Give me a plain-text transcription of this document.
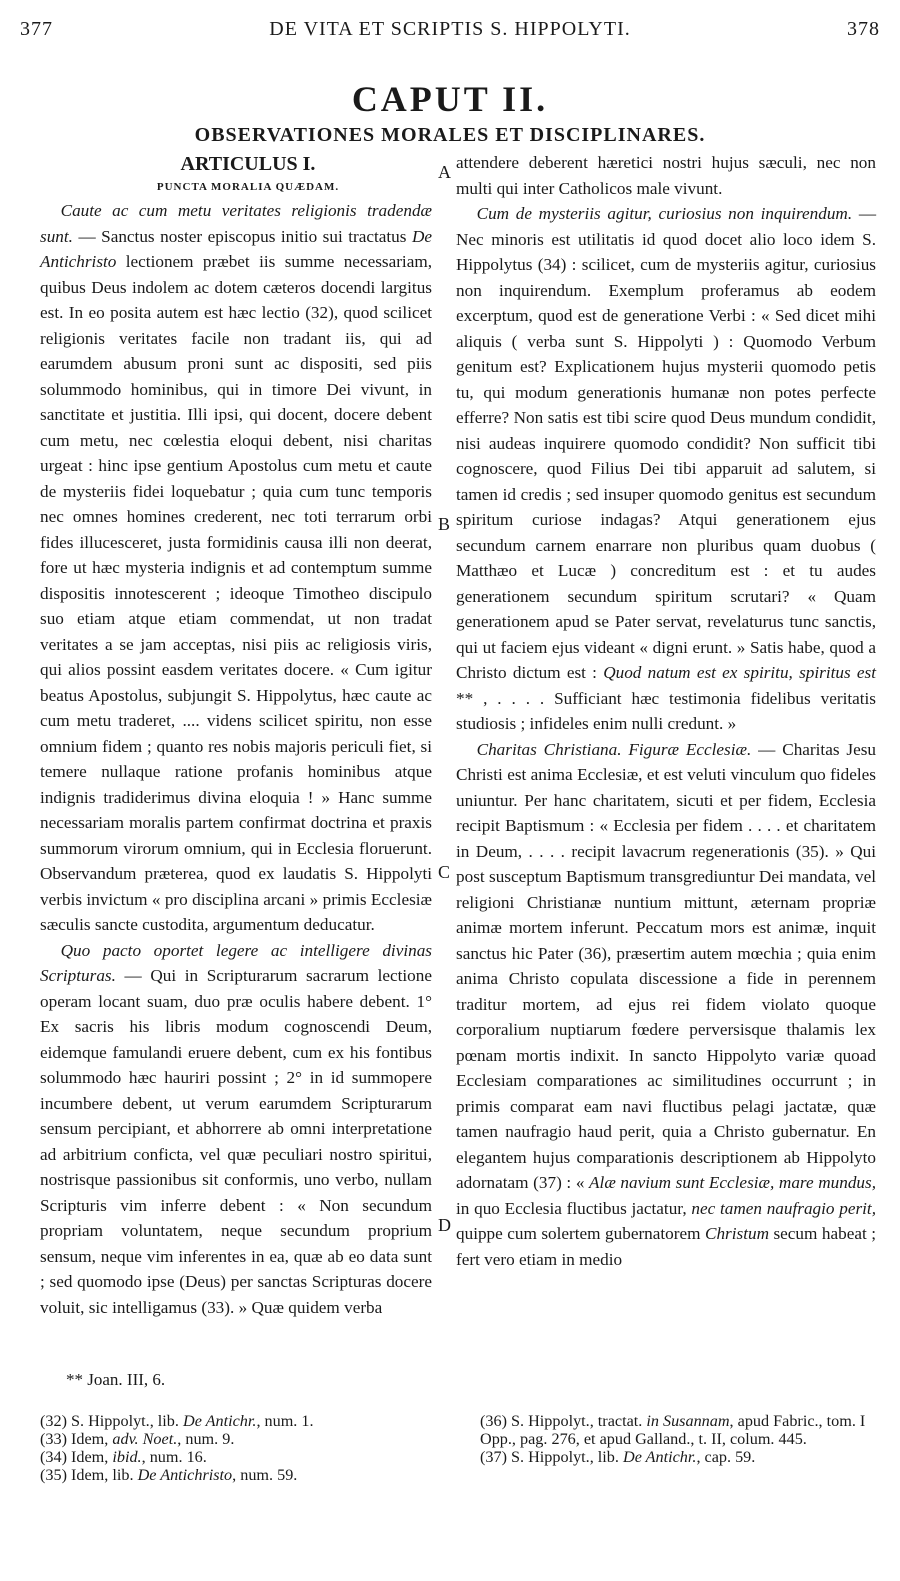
377	DE VITA ET SCRIPTIS S. HIPPOLYTI.	378
CAPUT II.
OBSERVATIONES MORALES ET DISCIPLINARES.
ARTICULUS I.
PUNCTA MORALIA QUÆDAM.

Caute ac cum metu veritates religionis tradendæ sunt. — Sanctus noster episcopus initio sui tractatus De Antichristo lectionem præbet iis summe necessariam, quibus Deus indolem ac dotem cæteros docendi largitus est. In eo posita autem est hæc lectio (32), quod scilicet religionis veritates facile non tradant iis, qui ad earumdem abusum proni sunt ac dispositi, sed piis solummodo hominibus, qui in timore Dei vivunt, in sanctitate et justitia. Illi ipsi, qui docent, docere debent cum metu, nec cœlestia eloqui debent, nisi charitas urgeat : hinc ipse gentium Apostolus cum metu et caute de mysteriis fidei loquebatur ; quia cum tunc temporis nec omnes homines crederent, nec toti terrarum orbi fides illucesceret, justa formidinis causa illi non deerat, fore ut hæc mysteria indignis et ad contemptum summe dispositis innotescerent ; ideoque Timotheo discipulo suo etiam atque etiam commendat, ut non tradat veritates a se jam acceptas, nisi piis ac religiosis viris, qui alios possint easdem veritates docere. « Cum igitur beatus Apostolus, subjungit S. Hippolytus, hæc caute ac cum metu traderet, .... videns scilicet spiritu, non esse omnium fidem ; quanto res nobis majoris periculi fiet, si temere nullaque ratione profanis hominibus atque indignis tradiderimus divina eloquia ! » Hanc summe necessariam moralis partem confirmat doctrina et praxis summorum virorum omnium, qui in Ecclesia floruerunt. Observandum præterea, quod ex laudatis S. Hippolyti verbis invictum « pro disciplina arcani » primis Ecclesiæ sæculis sancte custodita, argumentum deducatur.

Quo pacto oportet legere ac intelligere divinas Scripturas. — Qui in Scripturarum sacrarum lectione operam locant suam, duo præ oculis habere debent. 1° Ex sacris his libris modum cognoscendi Deum, eidemque famulandi eruere debent, cum ex his fontibus solummodo hæc hauriri possint ; 2° in id summopere incumbere debent, ut verum earumdem Scripturarum sensum percipiant, et abhorrere ab omni interpretatione ad arbitrium conficta, vel quæ peculiari nostro spiritui, nostrisque passionibus sit conformis, uno verbo, nullam Scripturis vim inferre debent : « Non secundum propriam voluntatem, neque secundum proprium sensum, neque vim inferentes in ea, quæ ab eo data sunt ; sed quomodo ipse (Deus) per sanctas Scripturas docere voluit, sic intelligamus (33). » Quæ quidem verba

A
B
C
D

attendere deberent hæretici nostri hujus sæculi, nec non multi qui inter Catholicos male vivunt.

Cum de mysteriis agitur, curiosius non inquirendum. — Nec minoris est utilitatis id quod docet alio loco idem S. Hippolytus (34) : scilicet, cum de mysteriis agitur, curiosius non inquirendum. Exemplum proferamus ab eodem excerptum, quod est de generatione Verbi : « Sed dicet mihi aliquis ( verba sunt S. Hippolyti ) : Quomodo Verbum genitum est? Explicationem hujus mysterii quomodo petis tu, qui modum generationis humanæ non potes perfecte efferre? Non satis est tibi scire quod Deus mundum condidit, nisi audeas inquirere quomodo condidit? Non sufficit tibi cognoscere, quod Filius Dei tibi apparuit ad salutem, si tamen id credis ; sed insuper quomodo genitus est secundum spiritum curiose indagas? Atqui generationem ejus secundum carnem enarrare non pluribus quam duobus ( Matthæo et Lucæ ) concreditum est : et tu audes generationem secundum spiritum scrutari? « Quam generationem apud se Pater servat, revelaturus tunc sanctis, qui ut faciem ejus videant « digni erunt. » Satis habe, quod a Christo dictum est : Quod natum est ex spiritu, spiritus est ** , . . . . Sufficiant hæc testimonia fidelibus veritatis studiosis ; infideles enim nulli credunt. »

Charitas Christiana. Figuræ Ecclesiæ. — Charitas Jesu Christi est anima Ecclesiæ, et est veluti vinculum quo fideles uniuntur. Per hanc charitatem, sicuti et per fidem, Ecclesia recipit Baptismum : « Ecclesia per fidem . . . . et charitatem in Deum, . . . . recipit lavacrum regenerationis (35). » Qui post susceptum Baptismum transgrediuntur Dei mandata, vel religioni Christianæ nuntium mittunt, æternam propriæ animæ mortem inferunt. Peccatum mors est animæ, inquit sanctus hic Pater (36), præsertim autem mœchia ; quia enim anima Christo copulata discessione a fide in perennem traditur mortem, ad ejus rei fidem violato quoque corporalium nuptiarum fœdere perversisque thalamis lex pœnam mortis indixit. In sancto Hippolyto variæ quoad Ecclesiam comparationes ac similitudines occurrunt ; in primis comparat eam navi fluctibus pelagi jactatæ, quæ tamen naufragio haud perit, quia a Christo gubernatur. En elegantem hujus comparationis descriptionem ab Hippolyto adornatam (37) : « Alæ navium sunt Ecclesiæ, mare mundus, in quo Ecclesia fluctibus jactatur, nec tamen naufragio perit, quippe cum solertem gubernatorem Christum secum habeat ; fert vero etiam in medio

** Joan. III, 6.
(32) S. Hippolyt., lib. De Antichr., num. 1.
(33) Idem, adv. Noet., num. 9.
(34) Idem, ibid., num. 16.
(35) Idem, lib. De Antichristo, num. 59.
(36) S. Hippolyt., tractat. in Susannam, apud Fabric., tom. I Opp., pag. 276, et apud Galland., t. II, colum. 445.
(37) S. Hippolyt., lib. De Antichr., cap. 59.
